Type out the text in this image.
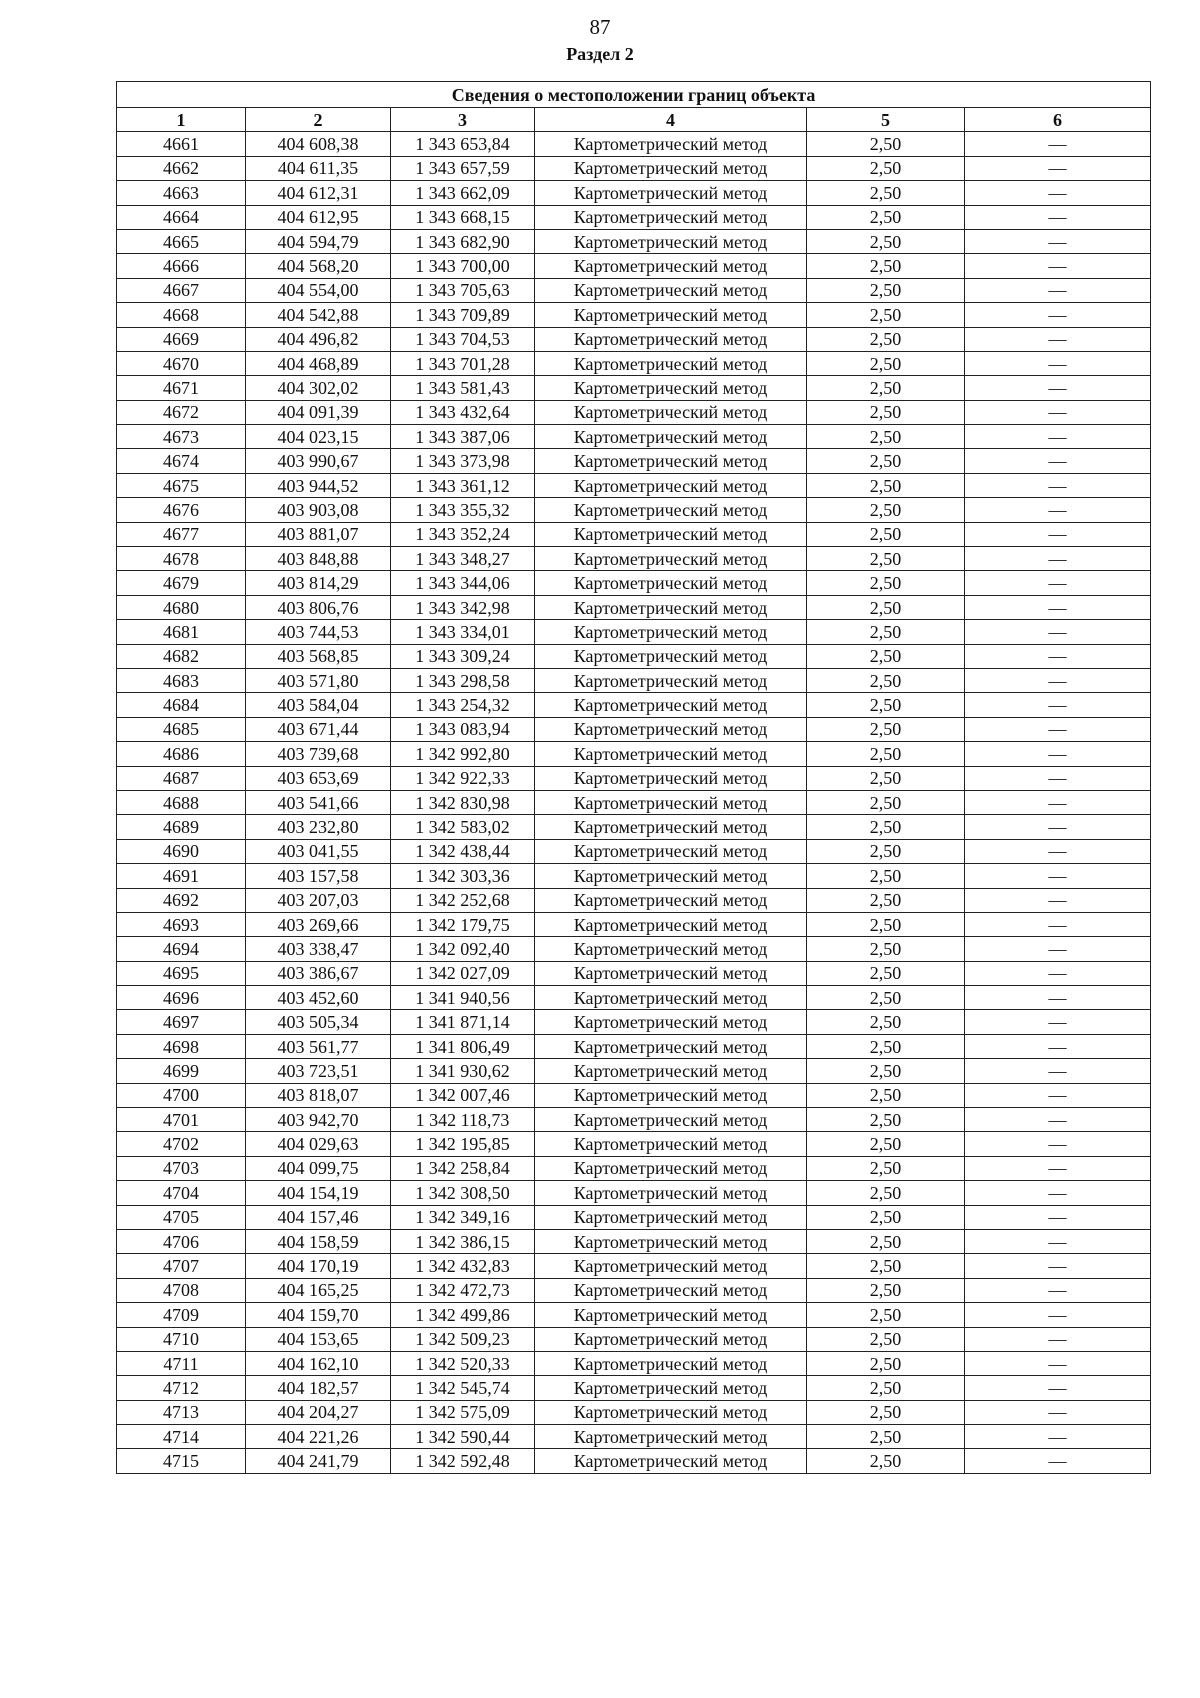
87
Раздел 2
Сведения о местоположении границ объекта					
1	2	3	4	5	6
4661	404 608,38	1 343 653,84	Картометрический метод	2,50	—
4662	404 611,35	1 343 657,59	Картометрический метод	2,50	—
4663	404 612,31	1 343 662,09	Картометрический метод	2,50	—
4664	404 612,95	1 343 668,15	Картометрический метод	2,50	—
4665	404 594,79	1 343 682,90	Картометрический метод	2,50	—
4666	404 568,20	1 343 700,00	Картометрический метод	2,50	—
4667	404 554,00	1 343 705,63	Картометрический метод	2,50	—
4668	404 542,88	1 343 709,89	Картометрический метод	2,50	—
4669	404 496,82	1 343 704,53	Картометрический метод	2,50	—
4670	404 468,89	1 343 701,28	Картометрический метод	2,50	—
4671	404 302,02	1 343 581,43	Картометрический метод	2,50	—
4672	404 091,39	1 343 432,64	Картометрический метод	2,50	—
4673	404 023,15	1 343 387,06	Картометрический метод	2,50	—
4674	403 990,67	1 343 373,98	Картометрический метод	2,50	—
4675	403 944,52	1 343 361,12	Картометрический метод	2,50	—
4676	403 903,08	1 343 355,32	Картометрический метод	2,50	—
4677	403 881,07	1 343 352,24	Картометрический метод	2,50	—
4678	403 848,88	1 343 348,27	Картометрический метод	2,50	—
4679	403 814,29	1 343 344,06	Картометрический метод	2,50	—
4680	403 806,76	1 343 342,98	Картометрический метод	2,50	—
4681	403 744,53	1 343 334,01	Картометрический метод	2,50	—
4682	403 568,85	1 343 309,24	Картометрический метод	2,50	—
4683	403 571,80	1 343 298,58	Картометрический метод	2,50	—
4684	403 584,04	1 343 254,32	Картометрический метод	2,50	—
4685	403 671,44	1 343 083,94	Картометрический метод	2,50	—
4686	403 739,68	1 342 992,80	Картометрический метод	2,50	—
4687	403 653,69	1 342 922,33	Картометрический метод	2,50	—
4688	403 541,66	1 342 830,98	Картометрический метод	2,50	—
4689	403 232,80	1 342 583,02	Картометрический метод	2,50	—
4690	403 041,55	1 342 438,44	Картометрический метод	2,50	—
4691	403 157,58	1 342 303,36	Картометрический метод	2,50	—
4692	403 207,03	1 342 252,68	Картометрический метод	2,50	—
4693	403 269,66	1 342 179,75	Картометрический метод	2,50	—
4694	403 338,47	1 342 092,40	Картометрический метод	2,50	—
4695	403 386,67	1 342 027,09	Картометрический метод	2,50	—
4696	403 452,60	1 341 940,56	Картометрический метод	2,50	—
4697	403 505,34	1 341 871,14	Картометрический метод	2,50	—
4698	403 561,77	1 341 806,49	Картометрический метод	2,50	—
4699	403 723,51	1 341 930,62	Картометрический метод	2,50	—
4700	403 818,07	1 342 007,46	Картометрический метод	2,50	—
4701	403 942,70	1 342 118,73	Картометрический метод	2,50	—
4702	404 029,63	1 342 195,85	Картометрический метод	2,50	—
4703	404 099,75	1 342 258,84	Картометрический метод	2,50	—
4704	404 154,19	1 342 308,50	Картометрический метод	2,50	—
4705	404 157,46	1 342 349,16	Картометрический метод	2,50	—
4706	404 158,59	1 342 386,15	Картометрический метод	2,50	—
4707	404 170,19	1 342 432,83	Картометрический метод	2,50	—
4708	404 165,25	1 342 472,73	Картометрический метод	2,50	—
4709	404 159,70	1 342 499,86	Картометрический метод	2,50	—
4710	404 153,65	1 342 509,23	Картометрический метод	2,50	—
4711	404 162,10	1 342 520,33	Картометрический метод	2,50	—
4712	404 182,57	1 342 545,74	Картометрический метод	2,50	—
4713	404 204,27	1 342 575,09	Картометрический метод	2,50	—
4714	404 221,26	1 342 590,44	Картометрический метод	2,50	—
4715	404 241,79	1 342 592,48	Картометрический метод	2,50	—
